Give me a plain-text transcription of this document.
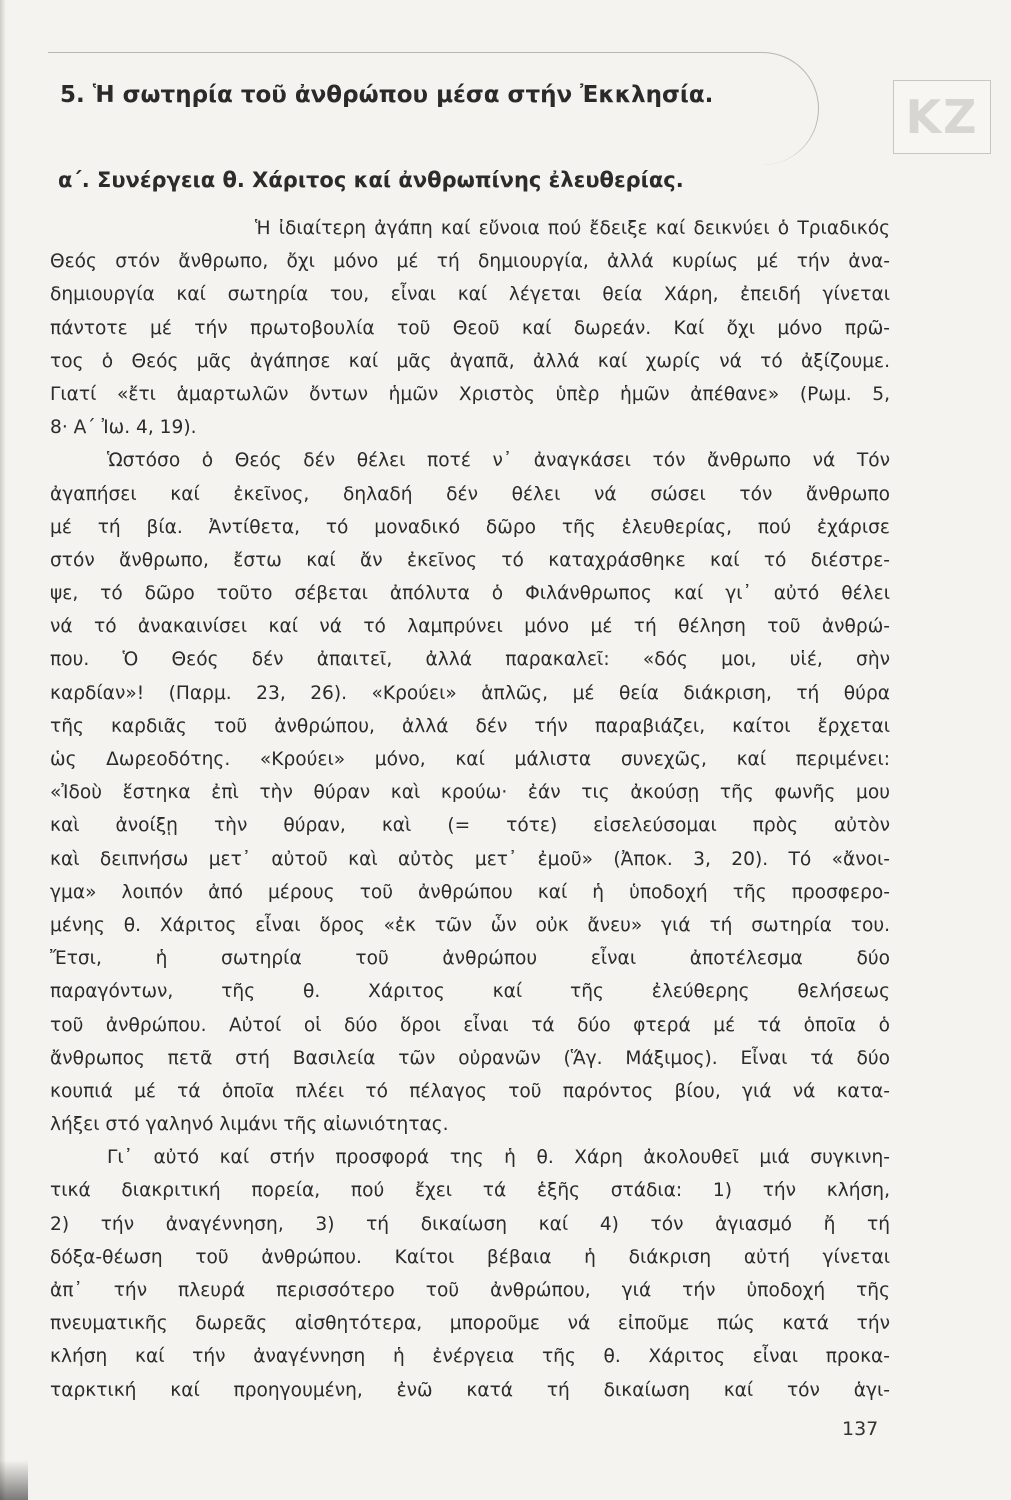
5. Ἡ σωτηρία τοῦ ἀνθρώπου μέσα στήν Ἐκκλησία.	ΚΖ
α΄. Συνέργεια θ. Χάριτος καί ἀνθρωπίνης ἐλευθερίας.
Ἡ ἰδιαίτερη ἀγάπη καί εὔνοια πού ἔδειξε καί δεικνύει ὁ Τριαδικός
Θεός στόν ἄνθρωπο, ὄχι μόνο μέ τή δημιουργία, ἀλλά κυρίως μέ τήν ἀνα-
δημιουργία καί σωτηρία του, εἶναι καί λέγεται θεία Χάρη, ἐπειδή γίνεται
πάντοτε μέ τήν πρωτοβουλία τοῦ Θεοῦ καί δωρεάν. Καί ὄχι μόνο πρῶ-
τος ὁ Θεός μᾶς ἀγάπησε καί μᾶς ἀγαπᾶ, ἀλλά καί χωρίς νά τό ἀξίζουμε.
Γιατί «ἔτι ἁμαρτωλῶν ὄντων ἡμῶν Χριστὸς ὑπὲρ ἡμῶν ἀπέθανε» (Ρωμ. 5,
8· Α΄ Ἰω. 4, 19).
Ὡστόσο ὁ Θεός δέν θέλει ποτέ ν᾿ ἀναγκάσει τόν ἄνθρωπο νά Τόν
ἀγαπήσει καί ἐκεῖνος, δηλαδή δέν θέλει νά σώσει τόν ἄνθρωπο
μέ τή βία. Ἀντίθετα, τό μοναδικό δῶρο τῆς ἐλευθερίας, πού ἐχάρισε
στόν ἄνθρωπο, ἔστω καί ἄν ἐκεῖνος τό καταχράσθηκε καί τό διέστρε-
ψε, τό δῶρο τοῦτο σέβεται ἀπόλυτα ὁ Φιλάνθρωπος καί γι᾿ αὐτό θέλει
νά τό ἀνακαινίσει καί νά τό λαμπρύνει μόνο μέ τή θέληση τοῦ ἀνθρώ-
που. Ὁ Θεός δέν ἀπαιτεῖ, ἀλλά παρακαλεῖ: «δός μοι, υἱέ, σὴν
καρδίαν»! (Παρμ. 23, 26). «Κρούει» ἁπλῶς, μέ θεία διάκριση, τή θύρα
τῆς καρδιᾶς τοῦ ἀνθρώπου, ἀλλά δέν τήν παραβιάζει, καίτοι ἔρχεται
ὡς Δωρεοδότης. «Κρούει» μόνο, καί μάλιστα συνεχῶς, καί περιμένει:
«Ἰδοὺ ἕστηκα ἐπὶ τὴν θύραν καὶ κρούω· ἐάν τις ἀκούσῃ τῆς φωνῆς μου
καὶ ἀνοίξῃ τὴν θύραν, καὶ (= τότε) εἰσελεύσομαι πρὸς αὐτὸν
καὶ δειπνήσω μετ᾿ αὐτοῦ καὶ αὐτὸς μετ᾿ ἐμοῦ» (Ἀποκ. 3, 20). Τό «ἄνοι-
γμα» λοιπόν ἀπό μέρους τοῦ ἀνθρώπου καί ἡ ὑποδοχή τῆς προσφερο-
μένης θ. Χάριτος εἶναι ὅρος «ἐκ τῶν ὧν οὐκ ἄνευ» γιά τή σωτηρία του.
Ἔτσι, ἡ σωτηρία τοῦ ἀνθρώπου εἶναι ἀποτέλεσμα δύο
παραγόντων, τῆς θ. Χάριτος καί τῆς ἐλεύθερης θελήσεως
τοῦ ἀνθρώπου. Αὐτοί οἱ δύο ὅροι εἶναι τά δύο φτερά μέ τά ὁποῖα ὁ
ἄνθρωπος πετᾶ στή Βασιλεία τῶν οὐρανῶν (Ἅγ. Μάξιμος). Εἶναι τά δύο
κουπιά μέ τά ὁποῖα πλέει τό πέλαγος τοῦ παρόντος βίου, γιά νά κατα-
λήξει στό γαληνό λιμάνι τῆς αἰωνιότητας.
Γι᾿ αὐτό καί στήν προσφορά της ἡ θ. Χάρη ἀκολουθεῖ μιά συγκινη-
τικά διακριτική πορεία, πού ἔχει τά ἑξῆς στάδια: 1) τήν κλήση,
2) τήν ἀναγέννηση, 3) τή δικαίωση καί 4) τόν ἁγιασμό ἤ τή
δόξα-θέωση τοῦ ἀνθρώπου. Καίτοι βέβαια ἡ διάκριση αὐτή γίνεται
ἀπ᾿ τήν πλευρά περισσότερο τοῦ ἀνθρώπου, γιά τήν ὑποδοχή τῆς
πνευματικῆς δωρεᾶς αἰσθητότερα, μποροῦμε νά εἰποῦμε πώς κατά τήν
κλήση καί τήν ἀναγέννηση ἡ ἐνέργεια τῆς θ. Χάριτος εἶναι προκα-
ταρκτική καί προηγουμένη, ἐνῶ κατά τή δικαίωση καί τόν ἁγι-
137
